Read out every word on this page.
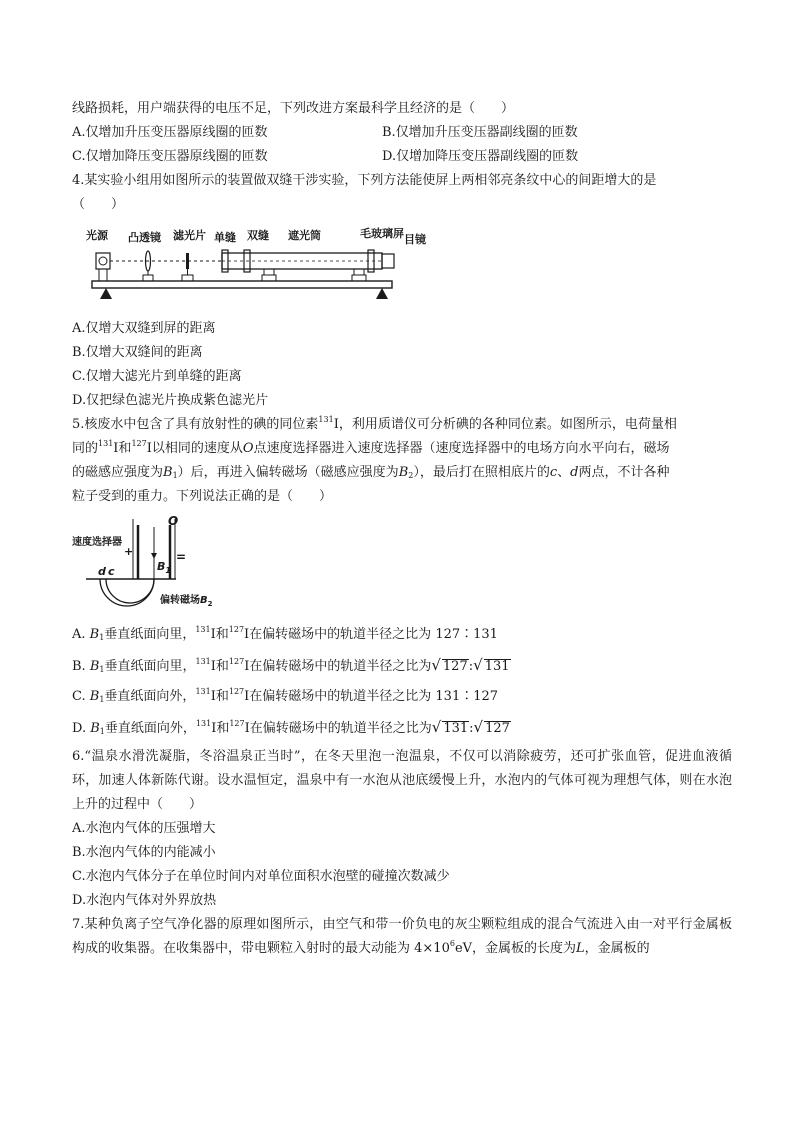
线路损耗，用户端获得的电压不足，下列改进方案最科学且经济的是（　　）
A.仅增加升压变压器原线圈的匝数	B.仅增加升压变压器副线圈的匝数
C.仅增加降压变压器原线圈的匝数	D.仅增加降压变压器副线圈的匝数
4.某实验小组用如图所示的装置做双缝干涉实验，下列方法能使屏上两相邻亮条纹中心的间距增大的是
（　　）
光源 凸透镜 滤光片 单缝 双缝 遮光筒	毛玻璃屏 目镜
A.仅增大双缝到屏的距离
B.仅增大双缝间的距离
C.仅增大滤光片到单缝的距离
D.仅把绿色滤光片换成紫色滤光片
5.核废水中包含了具有放射性的碘的同位素$^{131}$I，利用质谱仪可分析碘的各种同位素。如图所示，电荷量相
同的$^{131}$I和$^{127}$I以相同的速度从O点速度选择器进入速度选择器（速度选择器中的电场方向水平向右，磁场
的磁感应强度为$B_1$）后，再进入偏转磁场（磁感应强度为$B_2$），最后打在照相底片的c、d两点，不计各种
粒子受到的重力。下列说法正确的是（　　）
速度选择器
+	=
O
$B_1$
d c
偏转磁场$B_2$
A. $B_1$垂直纸面向里，$^{131}$I和$^{127}$I在偏转磁场中的轨道半径之比为 127∶131
B. $B_1$垂直纸面向里，$^{131}$I和$^{127}$I在偏转磁场中的轨道半径之比为√ 127:√ 131
C. $B_1$垂直纸面向外，$^{131}$I和$^{127}$I在偏转磁场中的轨道半径之比为 131∶127
D. $B_1$垂直纸面向外，$^{131}$I和$^{127}$I在偏转磁场中的轨道半径之比为√ 131:√ 127
6.“温泉水滑洗凝脂，冬浴温泉正当时”，在冬天里泡一泡温泉，不仅可以消除疲劳，还可扩张血管，促进血液循环，加速人体新陈代谢。设水温恒定，温泉中有一水泡从池底缓慢上升，水泡内的气体可视为理想气体，则在水泡上升的过程中（　　）
A.水泡内气体的压强增大
B.水泡内气体的内能减小
C.水泡内气体分子在单位时间内对单位面积水泡壁的碰撞次数减少
D.水泡内气体对外界放热
7.某种负离子空气净化器的原理如图所示，由空气和带一价负电的灰尘颗粒组成的混合气流进入由一对平行金属板构成的收集器。在收集器中，带电颗粒入射时的最大动能为 $4\times 10^6eV$，金属板的长度为L，金属板的
